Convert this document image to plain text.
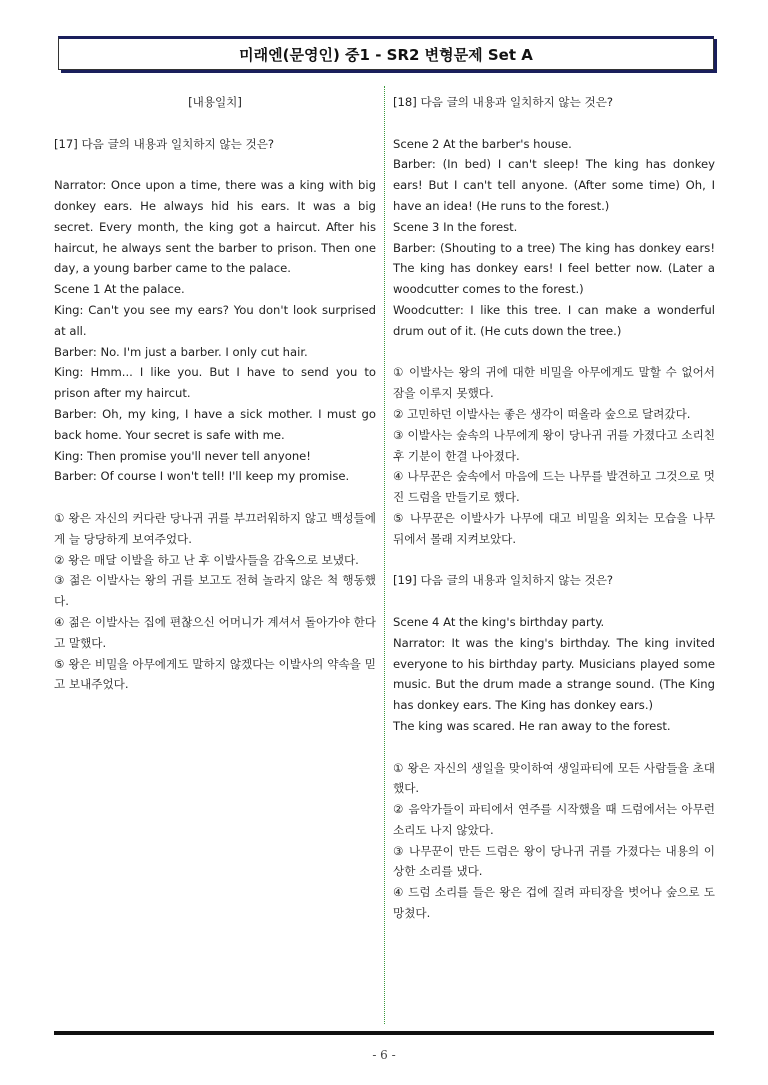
미래엔(문영인) 중1 - SR2 변형문제 Set A

[내용일치]

[17] 다음 글의 내용과 일치하지 않는 것은?

Narrator: Once upon a time, there was a king with big donkey ears. He always hid his ears. It was a big secret. Every month, the king got a haircut. After his haircut, he always sent the barber to prison. Then one day, a young barber came to the palace.

Scene 1 At the palace.

King: Can't you see my ears? You don't look surprised at all.

Barber: No. I'm just a barber. I only cut hair.

King: Hmm... I like you. But I have to send you to prison after my haircut.

Barber: Oh, my king, I have a sick mother. I must go back home. Your secret is safe with me.

King: Then promise you'll never tell anyone!

Barber: Of course I won't tell! I'll keep my promise.

① 왕은 자신의 커다란 당나귀 귀를 부끄러워하지 않고 백성들에게 늘 당당하게 보여주었다.

② 왕은 매달 이발을 하고 난 후 이발사들을 감옥으로 보냈다.

③ 젊은 이발사는 왕의 귀를 보고도 전혀 놀라지 않은 척 행동했다.

④ 젊은 이발사는 집에 편찮으신 어머니가 계셔서 돌아가야 한다고 말했다.

⑤ 왕은 비밀을 아무에게도 말하지 않겠다는 이발사의 약속을 믿고 보내주었다.

[18] 다음 글의 내용과 일치하지 않는 것은?

Scene 2 At the barber's house.

Barber: (In bed) I can't sleep! The king has donkey ears! But I can't tell anyone. (After some time) Oh, I have an idea! (He runs to the forest.)

Scene 3 In the forest.

Barber: (Shouting to a tree) The king has donkey ears! The king has donkey ears! I feel better now. (Later a woodcutter comes to the forest.)

Woodcutter: I like this tree. I can make a wonderful drum out of it. (He cuts down the tree.)

① 이발사는 왕의 귀에 대한 비밀을 아무에게도 말할 수 없어서 잠을 이루지 못했다.

② 고민하던 이발사는 좋은 생각이 떠올라 숲으로 달려갔다.

③ 이발사는 숲속의 나무에게 왕이 당나귀 귀를 가졌다고 소리친 후 기분이 한결 나아졌다.

④ 나무꾼은 숲속에서 마음에 드는 나무를 발견하고 그것으로 멋진 드럼을 만들기로 했다.

⑤ 나무꾼은 이발사가 나무에 대고 비밀을 외치는 모습을 나무 뒤에서 몰래 지켜보았다.

[19] 다음 글의 내용과 일치하지 않는 것은?

Scene 4 At the king's birthday party.

Narrator: It was the king's birthday. The king invited everyone to his birthday party. Musicians played some music. But the drum made a strange sound. (The King has donkey ears. The King has donkey ears.)

The king was scared. He ran away to the forest.

① 왕은 자신의 생일을 맞이하여 생일파티에 모든 사람들을 초대했다.

② 음악가들이 파티에서 연주를 시작했을 때 드럼에서는 아무런 소리도 나지 않았다.

③ 나무꾼이 만든 드럼은 왕이 당나귀 귀를 가졌다는 내용의 이상한 소리를 냈다.

④ 드럼 소리를 들은 왕은 겁에 질려 파티장을 벗어나 숲으로 도망쳤다.

- 6 -
